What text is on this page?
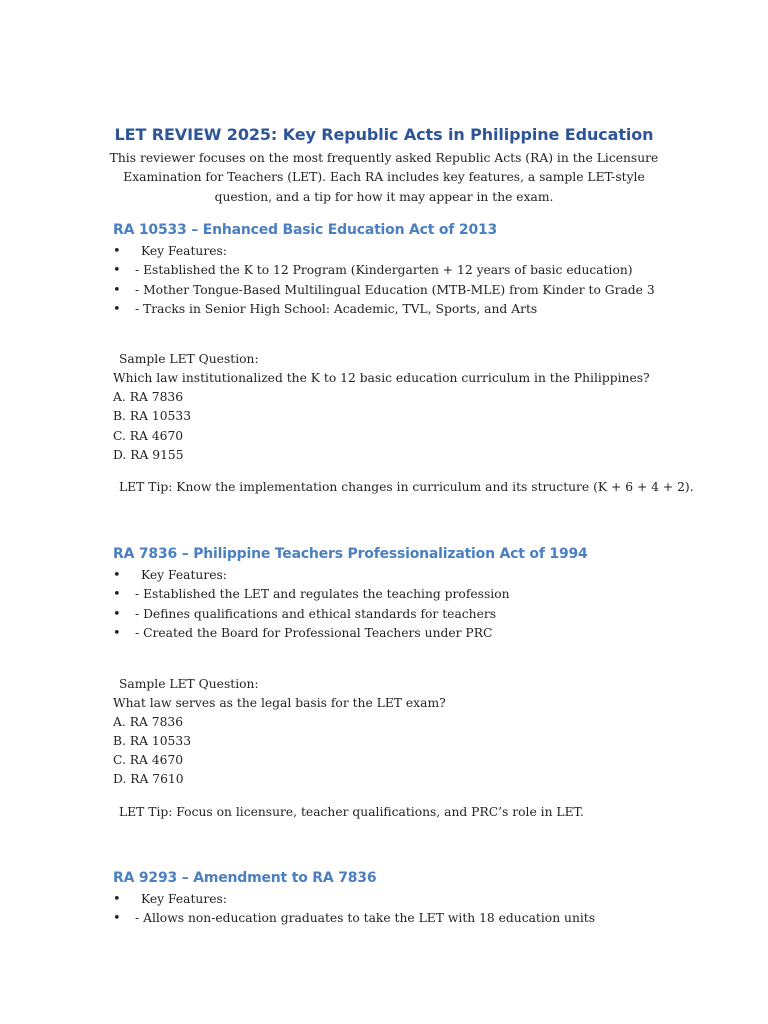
LET REVIEW 2025: Key Republic Acts in Philippine Education

This reviewer focuses on the most frequently asked Republic Acts (RA) in the Licensure Examination for Teachers (LET). Each RA includes key features, a sample LET-style question, and a tip for how it may appear in the exam.

RA 10533 – Enhanced Basic Education Act of 2013
•	Key Features:
•	- Established the K to 12 Program (Kindergarten + 12 years of basic education)
•	- Mother Tongue-Based Multilingual Education (MTB-MLE) from Kinder to Grade 3
•	- Tracks in Senior High School: Academic, TVL, Sports, and Arts

Sample LET Question:

Which law institutionalized the K to 12 basic education curriculum in the Philippines?

A. RA 7836

B. RA 10533

C. RA 4670

D. RA 9155

LET Tip: Know the implementation changes in curriculum and its structure (K + 6 + 4 + 2).

RA 7836 – Philippine Teachers Professionalization Act of 1994
•	Key Features:
•	- Established the LET and regulates the teaching profession
•	- Defines qualifications and ethical standards for teachers
•	- Created the Board for Professional Teachers under PRC

Sample LET Question:

What law serves as the legal basis for the LET exam?

A. RA 7836

B. RA 10533

C. RA 4670

D. RA 7610

LET Tip: Focus on licensure, teacher qualifications, and PRC’s role in LET.

RA 9293 – Amendment to RA 7836
•	Key Features:
•	- Allows non-education graduates to take the LET with 18 education units
